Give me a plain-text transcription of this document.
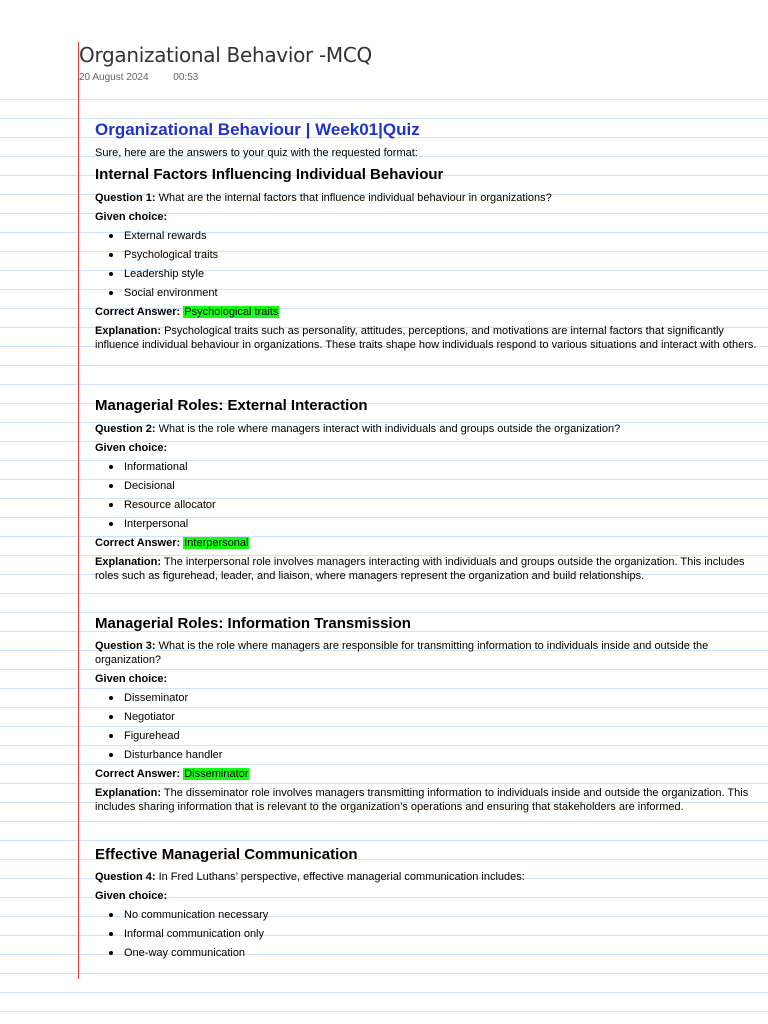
Organizational Behavior -MCQ
20 August 2024 00:53
Organizational Behaviour | Week01|Quiz

Sure, here are the answers to your quiz with the requested format:

Internal Factors Influencing Individual Behaviour

Question 1: What are the internal factors that influence individual behaviour in organizations?

Given choice:

External rewards
Psychological traits
Leadership style
Social environment

Correct Answer: Psychological traits

Explanation: Psychological traits such as personality, attitudes, perceptions, and motivations are internal factors that significantly influence individual behaviour in organizations. These traits shape how individuals respond to various situations and interact with others.

Managerial Roles: External Interaction

Question 2: What is the role where managers interact with individuals and groups outside the organization?

Given choice:

Informational
Decisional
Resource allocator
Interpersonal

Correct Answer: Interpersonal

Explanation: The interpersonal role involves managers interacting with individuals and groups outside the organization. This includes roles such as figurehead, leader, and liaison, where managers represent the organization and build relationships.

Managerial Roles: Information Transmission

Question 3: What is the role where managers are responsible for transmitting information to individuals inside and outside the organization?

Given choice:

Disseminator
Negotiator
Figurehead
Disturbance handler

Correct Answer: Disseminator

Explanation: The disseminator role involves managers transmitting information to individuals inside and outside the organization. This includes sharing information that is relevant to the organization’s operations and ensuring that stakeholders are informed.

Effective Managerial Communication

Question 4: In Fred Luthans’ perspective, effective managerial communication includes:

Given choice:

No communication necessary
Informal communication only
One-way communication
